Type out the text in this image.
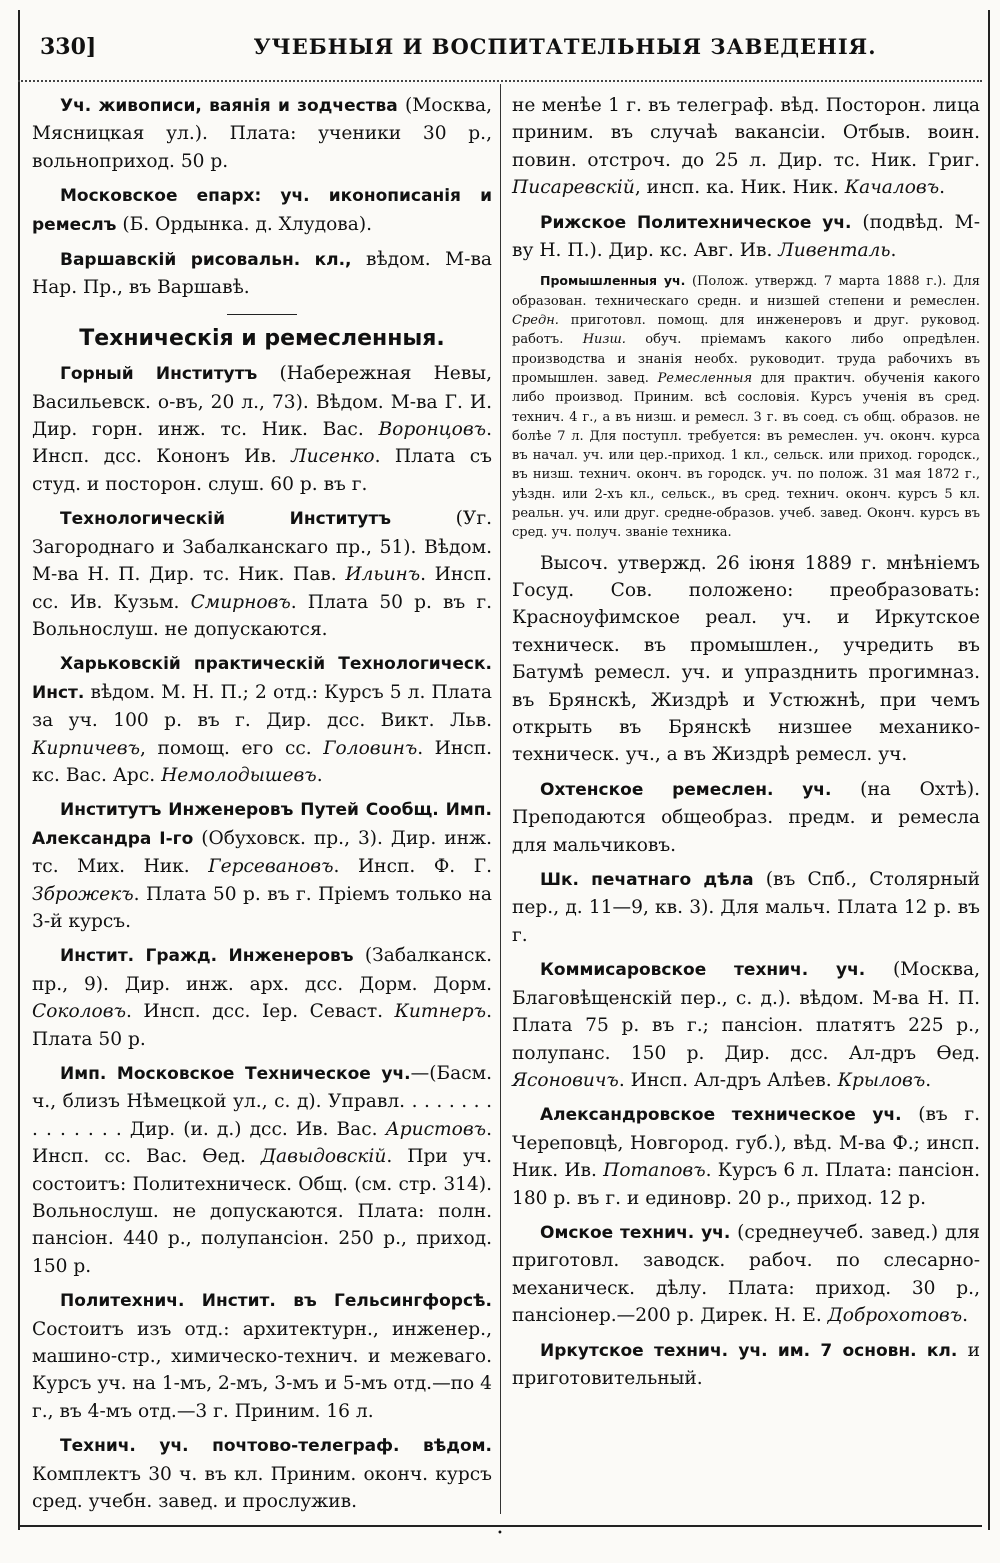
330]	УЧЕБНЫЯ И ВОСПИТАТЕЛЬНЫЯ ЗАВЕДЕНІЯ.

Уч. живописи, ваянія и зодчества (Москва, Мясницкая ул.). Плата: ученики 30 р., вольноприход. 50 р.

Московское епарх: уч. иконописанія и ремеслъ (Б. Ордынка. д. Хлудова).

Варшавскій рисовальн. кл., вѣдом. М-ва Нар. Пр., въ Варшавѣ.

Техническія и ремесленныя.

Горный Институтъ (Набережная Невы, Васильевск. о-въ, 20 л., 73). Вѣдом. М-ва Г. И. Дир. горн. инж. тс. Ник. Вас. Воронцовъ. Инсп. дсс. Кононъ Ив. Лисенко. Плата съ студ. и посторон. слуш. 60 р. въ г.

Технологическій Институтъ (Уг. Загороднаго и Забалканскаго пр., 51). Вѣдом. М-ва Н. П. Дир. тс. Ник. Пав. Ильинъ. Инсп. сс. Ив. Кузьм. Смирновъ. Плата 50 р. въ г. Вольнослуш. не допускаются.

Харьковскій практическій Технологическ. Инст. вѣдом. М. Н. П.; 2 отд.: Курсъ 5 л. Плата за уч. 100 р. въ г. Дир. дсс. Викт. Льв. Кирпичевъ, помощ. его сс. Головинъ. Инсп. кс. Вас. Арс. Немолодышевъ.

Институтъ Инженеровъ Путей Сообщ. Имп. Александра I-го (Обуховск. пр., 3). Дир. инж. тс. Мих. Ник. Герсевановъ. Инсп. Ф. Г. Зброжекъ. Плата 50 р. въ г. Пріемъ только на 3-й курсъ.

Инстит. Гражд. Инженеровъ (Забалканск. пр., 9). Дир. инж. арх. дсс. Дорм. Дорм. Соколовъ. Инсп. дсс. Іер. Севаст. Китнеръ. Плата 50 р.

Имп. Московское Техническое уч.—(Басм. ч., близъ Нѣмецкой ул., с. д). Управл. . . . . . . . . . . . . . . Дир. (и. д.) дсс. Ив. Вас. Аристовъ. Инсп. сс. Вас. Ѳед. Давыдовскій. При уч. состоитъ: Политехническ. Общ. (см. стр. 314). Вольнослуш. не допускаются. Плата: полн. пансіон. 440 р., полупансіон. 250 р., приход. 150 р.

Политехнич. Инстит. въ Гельсингфорсѣ. Состоитъ изъ отд.: архитектурн., инженер., машино-стр., химическо-технич. и межеваго. Курсъ уч. на 1-мъ, 2-мъ, 3-мъ и 5-мъ отд.—по 4 г., въ 4-мъ отд.—3 г. Приним. 16 л.

Технич. уч. почтово-телеграф. вѣдом. Комплектъ 30 ч. въ кл. Приним. оконч. курсъ сред. учебн. завед. и прослужив.

не менѣе 1 г. въ телеграф. вѣд. Посторон. лица приним. въ случаѣ вакансіи. Отбыв. воин. повин. отстроч. до 25 л. Дир. тс. Ник. Григ. Писаревскій, инсп. ка. Ник. Ник. Качаловъ.

Рижское Политехническое уч. (подвѣд. М-ву Н. П.). Дир. кс. Авг. Ив. Ливенталь.

Промышленныя уч. (Полож. утвержд. 7 марта 1888 г.). Для образован. техническаго средн. и низшей степени и ремеслен. Средн. приготовл. помощ. для инженеровъ и друг. руковод. работъ. Низш. обуч. пріемамъ какого либо опредѣлен. производства и знанія необх. руководит. труда рабочихъ въ промышлен. завед. Ремесленныя для практич. обученія какого либо производ. Приним. всѣ сословія. Курсъ ученія въ сред. технич. 4 г., а въ низш. и ремесл. 3 г. въ соед. съ общ. образов. не болѣе 7 л. Для поступл. требуется: въ ремеслен. уч. оконч. курса въ начал. уч. или цер.-приход. 1 кл., сельск. или приход. городск., въ низш. технич. оконч. въ городск. уч. по полож. 31 мая 1872 г., уѣздн. или 2-хъ кл., сельск., въ сред. технич. оконч. курсъ 5 кл. реальн. уч. или друг. средне-образов. учеб. завед. Оконч. курсъ въ сред. уч. получ. званіе техника.

Высоч. утвержд. 26 іюня 1889 г. мнѣніемъ Госуд. Сов. положено: преобразовать: Красноуфимское реал. уч. и Иркутское техническ. въ промышлен., учредить въ Батумѣ ремесл. уч. и упразднить прогимназ. въ Брянскѣ, Жиздрѣ и Устюжнѣ, при чемъ открыть въ Брянскѣ низшее механико-техническ. уч., а въ Жиздрѣ ремесл. уч.

Охтенское ремеслен. уч. (на Охтѣ). Преподаются общеобраз. предм. и ремесла для мальчиковъ.

Шк. печатнаго дѣла (въ Спб., Столярный пер., д. 11—9, кв. 3). Для мальч. Плата 12 р. въ г.

Коммисаровское технич. уч. (Москва, Благовѣщенскій пер., с. д.). вѣдом. М-ва Н. П. Плата 75 р. въ г.; пансіон. платятъ 225 р., полупанс. 150 р. Дир. дсс. Ал-дръ Ѳед. Ясоновичъ. Инсп. Ал-дръ Алѣев. Крыловъ.

Александровское техническое уч. (въ г. Череповцѣ, Новгород. губ.), вѣд. М-ва Ф.; инсп. Ник. Ив. Потаповъ. Курсъ 6 л. Плата: пансіон. 180 р. въ г. и единовр. 20 р., приход. 12 р.

Омское технич. уч. (среднеучеб. завед.) для приготовл. заводск. рабоч. по слесарно-механическ. дѣлу. Плата: приход. 30 р., пансіонер.—200 р. Дирек. Н. Е. Доброхотовъ.

Иркутское технич. уч. им. 7 основн. кл. и приготовительный.

•
